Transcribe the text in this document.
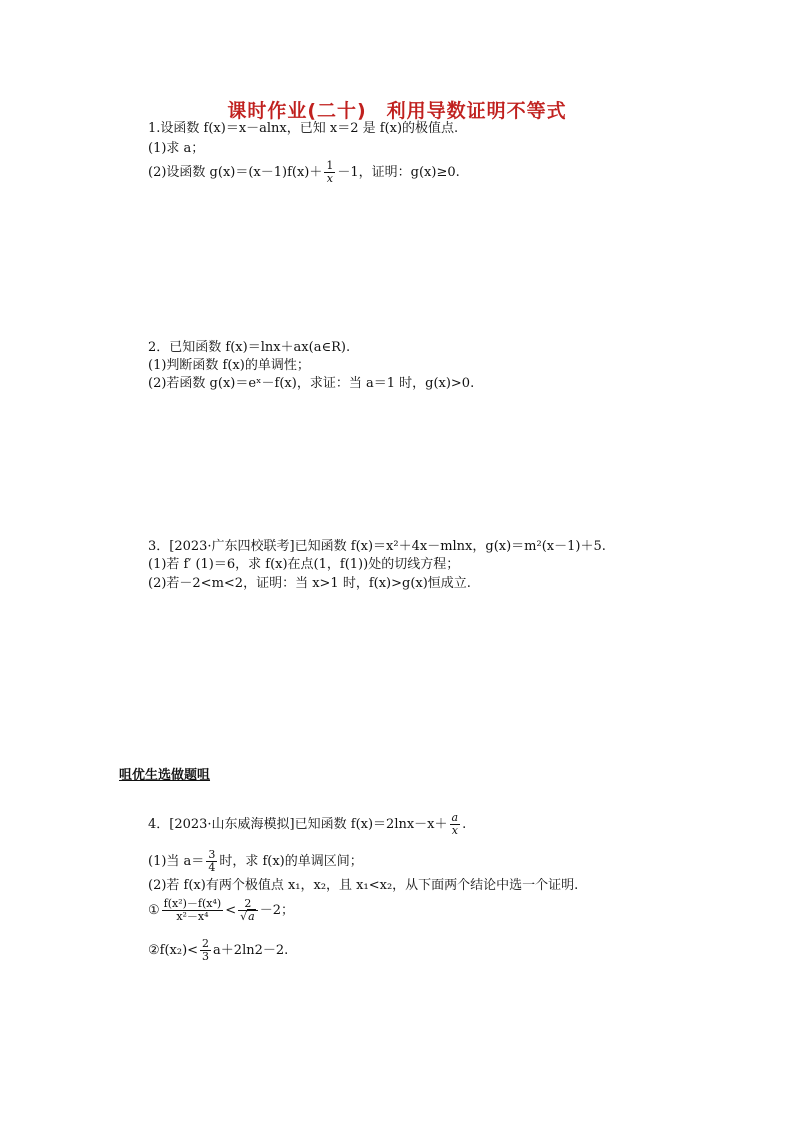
课时作业(二十)　利用导数证明不等式
1.设函数 f(x)＝x－alnx，已知 x＝2 是 f(x)的极值点.
(1)求 a；
(2)设函数 $g(x)=(x-1)f(x)+ \frac{1}{x} -1$，证明：g(x)≥0.
2．已知函数 f(x)＝lnx＋ax(a∈R).
(1)判断函数 f(x)的单调性；
(2)若函数 g(x)＝eˣ－f(x)，求证：当 a＝1 时，g(x)>0.
3．[2023·广东四校联考]已知函数 f(x)＝x²＋4x－mlnx，g(x)＝m²(x－1)＋5.
(1)若 f′ (1)＝6，求 f(x)在点(1，f(1))处的切线方程；
(2)若－2<m<2，证明：当 x>1 时，f(x)>g(x)恒成立.
咀优生选做题咀
4．[2023·山东威海模拟]已知函数 $f(x)=2\ln x-x+ \frac{a}{x}$ .
(1)当 $a= \frac{3}{4}$ 时，求 f(x)的单调区间；
(2)若 f(x)有两个极值点 x₁，x₂，且 x₁<x₂，从下面两个结论中选一个证明.
① $\frac{\text{f(x²)－f(x⁴)}}{\text{x²－x⁴}} < \frac{2}{√a} -2$；
②f(x₂)< $\frac{2}{3} a+2\ln 2-2$.
